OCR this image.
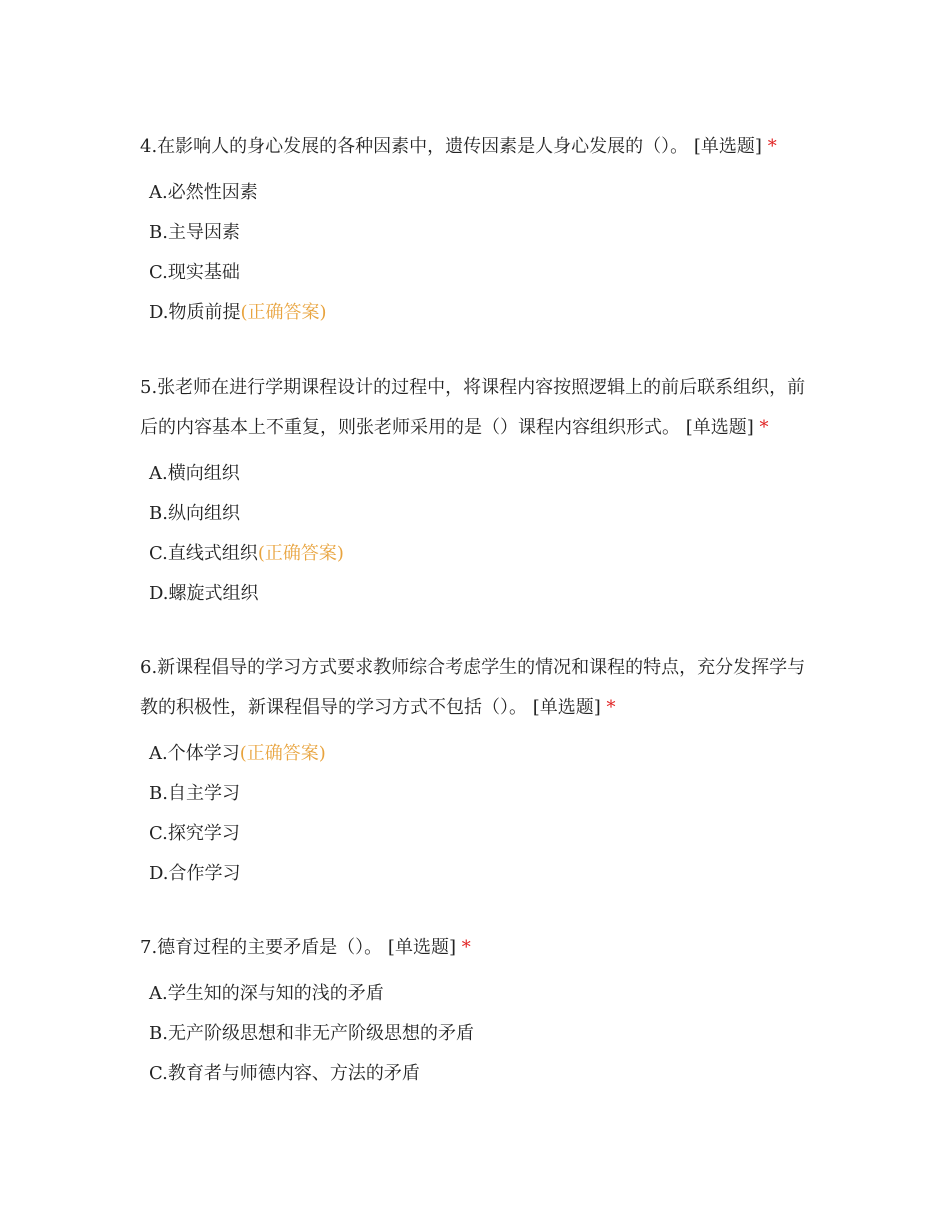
4.在影响人的身心发展的各种因素中，遗传因素是人身心发展的（）。 [单选题] *

A.必然性因素
B.主导因素
C.现实基础
D.物质前提(正确答案)

5.张老师在进行学期课程设计的过程中，将课程内容按照逻辑上的前后联系组织，前后的内容基本上不重复，则张老师采用的是（）课程内容组织形式。 [单选题] *

A.横向组织
B.纵向组织
C.直线式组织(正确答案)
D.螺旋式组织

6.新课程倡导的学习方式要求教师综合考虑学生的情况和课程的特点，充分发挥学与教的积极性，新课程倡导的学习方式不包括（）。 [单选题] *

A.个体学习(正确答案)
B.自主学习
C.探究学习
D.合作学习

7.德育过程的主要矛盾是（）。 [单选题] *

A.学生知的深与知的浅的矛盾
B.无产阶级思想和非无产阶级思想的矛盾
C.教育者与师德内容、方法的矛盾
